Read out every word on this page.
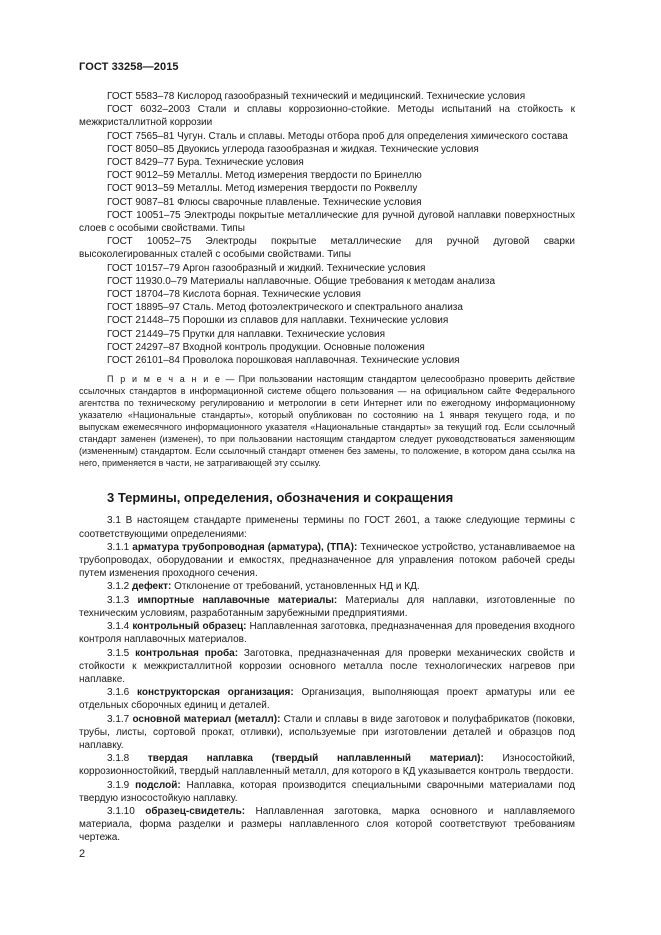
ГОСТ 33258—2015

ГОСТ 5583–78 Кислород газообразный технический и медицинский. Технические условия

ГОСТ 6032–2003 Стали и сплавы коррозионно-стойкие. Методы испытаний на стойкость к межкристаллитной коррозии

ГОСТ 7565–81 Чугун. Сталь и сплавы. Методы отбора проб для определения химического состава

ГОСТ 8050–85 Двуокись углерода газообразная и жидкая. Технические условия

ГОСТ 8429–77 Бура. Технические условия

ГОСТ 9012–59 Металлы. Метод измерения твердости по Бринеллю

ГОСТ 9013–59 Металлы. Метод измерения твердости по Роквеллу

ГОСТ 9087–81 Флюсы сварочные плавленые. Технические условия

ГОСТ 10051–75 Электроды покрытые металлические для ручной дуговой наплавки поверхностных слоев с особыми свойствами. Типы

ГОСТ 10052–75 Электроды покрытые металлические для ручной дуговой сварки высоколегированных сталей с особыми свойствами. Типы

ГОСТ 10157–79 Аргон газообразный и жидкий. Технические условия

ГОСТ 11930.0–79 Материалы наплавочные. Общие требования к методам анализа

ГОСТ 18704–78 Кислота борная. Технические условия

ГОСТ 18895–97 Сталь. Метод фотоэлектрического и спектрального анализа

ГОСТ 21448–75 Порошки из сплавов для наплавки. Технические условия

ГОСТ 21449–75 Прутки для наплавки. Технические условия

ГОСТ 24297–87 Входной контроль продукции. Основные положения

ГОСТ 26101–84 Проволока порошковая наплавочная. Технические условия

П р и м е ч а н и е — При пользовании настоящим стандартом целесообразно проверить действие ссылочных стандартов в информационной системе общего пользования — на официальном сайте Федерального агентства по техническому регулированию и метрологии в сети Интернет или по ежегодному информационному указателю «Национальные стандарты», который опубликован по состоянию на 1 января текущего года, и по выпускам ежемесячного информационного указателя «Национальные стандарты» за текущий год. Если ссылочный стандарт заменен (изменен), то при пользовании настоящим стандартом следует руководствоваться заменяющим (измененным) стандартом. Если ссылочный стандарт отменен без замены, то положение, в котором дана ссылка на него, применяется в части, не затрагивающей эту ссылку.

3 Термины, определения, обозначения и сокращения

3.1 В настоящем стандарте применены термины по ГОСТ 2601, а также следующие термины с соответствующими определениями:

3.1.1 арматура трубопроводная (арматура), (ТПА): Техническое устройство, устанавливаемое на трубопроводах, оборудовании и емкостях, предназначенное для управления потоком рабочей среды путем изменения проходного сечения.

3.1.2 дефект: Отклонение от требований, установленных НД и КД.

3.1.3 импортные наплавочные материалы: Материалы для наплавки, изготовленные по техническим условиям, разработанным зарубежными предприятиями.

3.1.4 контрольный образец: Наплавленная заготовка, предназначенная для проведения входного контроля наплавочных материалов.

3.1.5 контрольная проба: Заготовка, предназначенная для проверки механических свойств и стойкости к межкристаллитной коррозии основного металла после технологических нагревов при наплавке.

3.1.6 конструкторская организация: Организация, выполняющая проект арматуры или ее отдельных сборочных единиц и деталей.

3.1.7 основной материал (металл): Стали и сплавы в виде заготовок и полуфабрикатов (поковки, трубы, листы, сортовой прокат, отливки), используемые при изготовлении деталей и образцов под наплавку.

3.1.8 твердая наплавка (твердый наплавленный материал): Износостойкий, коррозионностойкий, твердый наплавленный металл, для которого в КД указывается контроль твердости.

3.1.9 подслой: Наплавка, которая производится специальными сварочными материалами под твердую износостойкую наплавку.

3.1.10 образец-свидетель: Наплавленная заготовка, марка основного и наплавляемого материала, форма разделки и размеры наплавленного слоя которой соответствуют требованиям чертежа.

2
